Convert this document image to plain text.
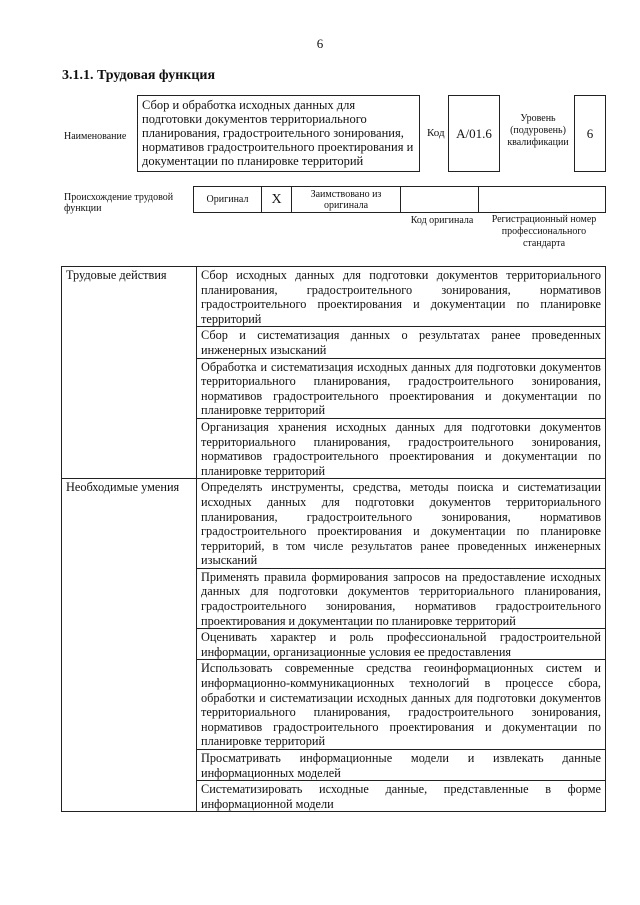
6
3.1.1. Трудовая функция
Наименование
Сбор и обработка исходных данных для подготовки документов территориального планирования, градостроительного зонирования, нормативов градостроительного проектирования и документации по планировке территорий
Код А/01.6
Уровень (подуровень) квалификации
6
Происхождение трудовой функции
Оригинал	X	Заимствовано из оригинала
Код оригинала	Регистрационный номер профессионального стандарта
Трудовые действия	Сбор исходных данных для подготовки документов территориального планирования, градостроительного зонирования, нормативов градостроительного проектирования и документации по планировке территорий
	Сбор и систематизация данных о результатах ранее проведенных инженерных изысканий
	Обработка и систематизация исходных данных для подготовки документов территориального планирования, градостроительного зонирования, нормативов градостроительного проектирования и документации по планировке территорий
	Организация хранения исходных данных для подготовки документов территориального планирования, градостроительного зонирования, нормативов градостроительного проектирования и документации по планировке территорий
Необходимые умения	Определять инструменты, средства, методы поиска и систематизации исходных данных для подготовки документов территориального планирования, градостроительного зонирования, нормативов градостроительного проектирования и документации по планировке территорий, в том числе результатов ранее проведенных инженерных изысканий
	Применять правила формирования запросов на предоставление исходных данных для подготовки документов территориального планирования, градостроительного зонирования, нормативов градостроительного проектирования и документации по планировке территорий
	Оценивать характер и роль профессиональной градостроительной информации, организационные условия ее предоставления
	Использовать современные средства геоинформационных систем и информационно-коммуникационных технологий в процессе сбора, обработки и систематизации исходных данных для подготовки документов территориального планирования, градостроительного зонирования, нормативов градостроительного проектирования и документации по планировке территорий
	Просматривать информационные модели и извлекать данные информационных моделей
	Систематизировать исходные данные, представленные в форме информационной модели
